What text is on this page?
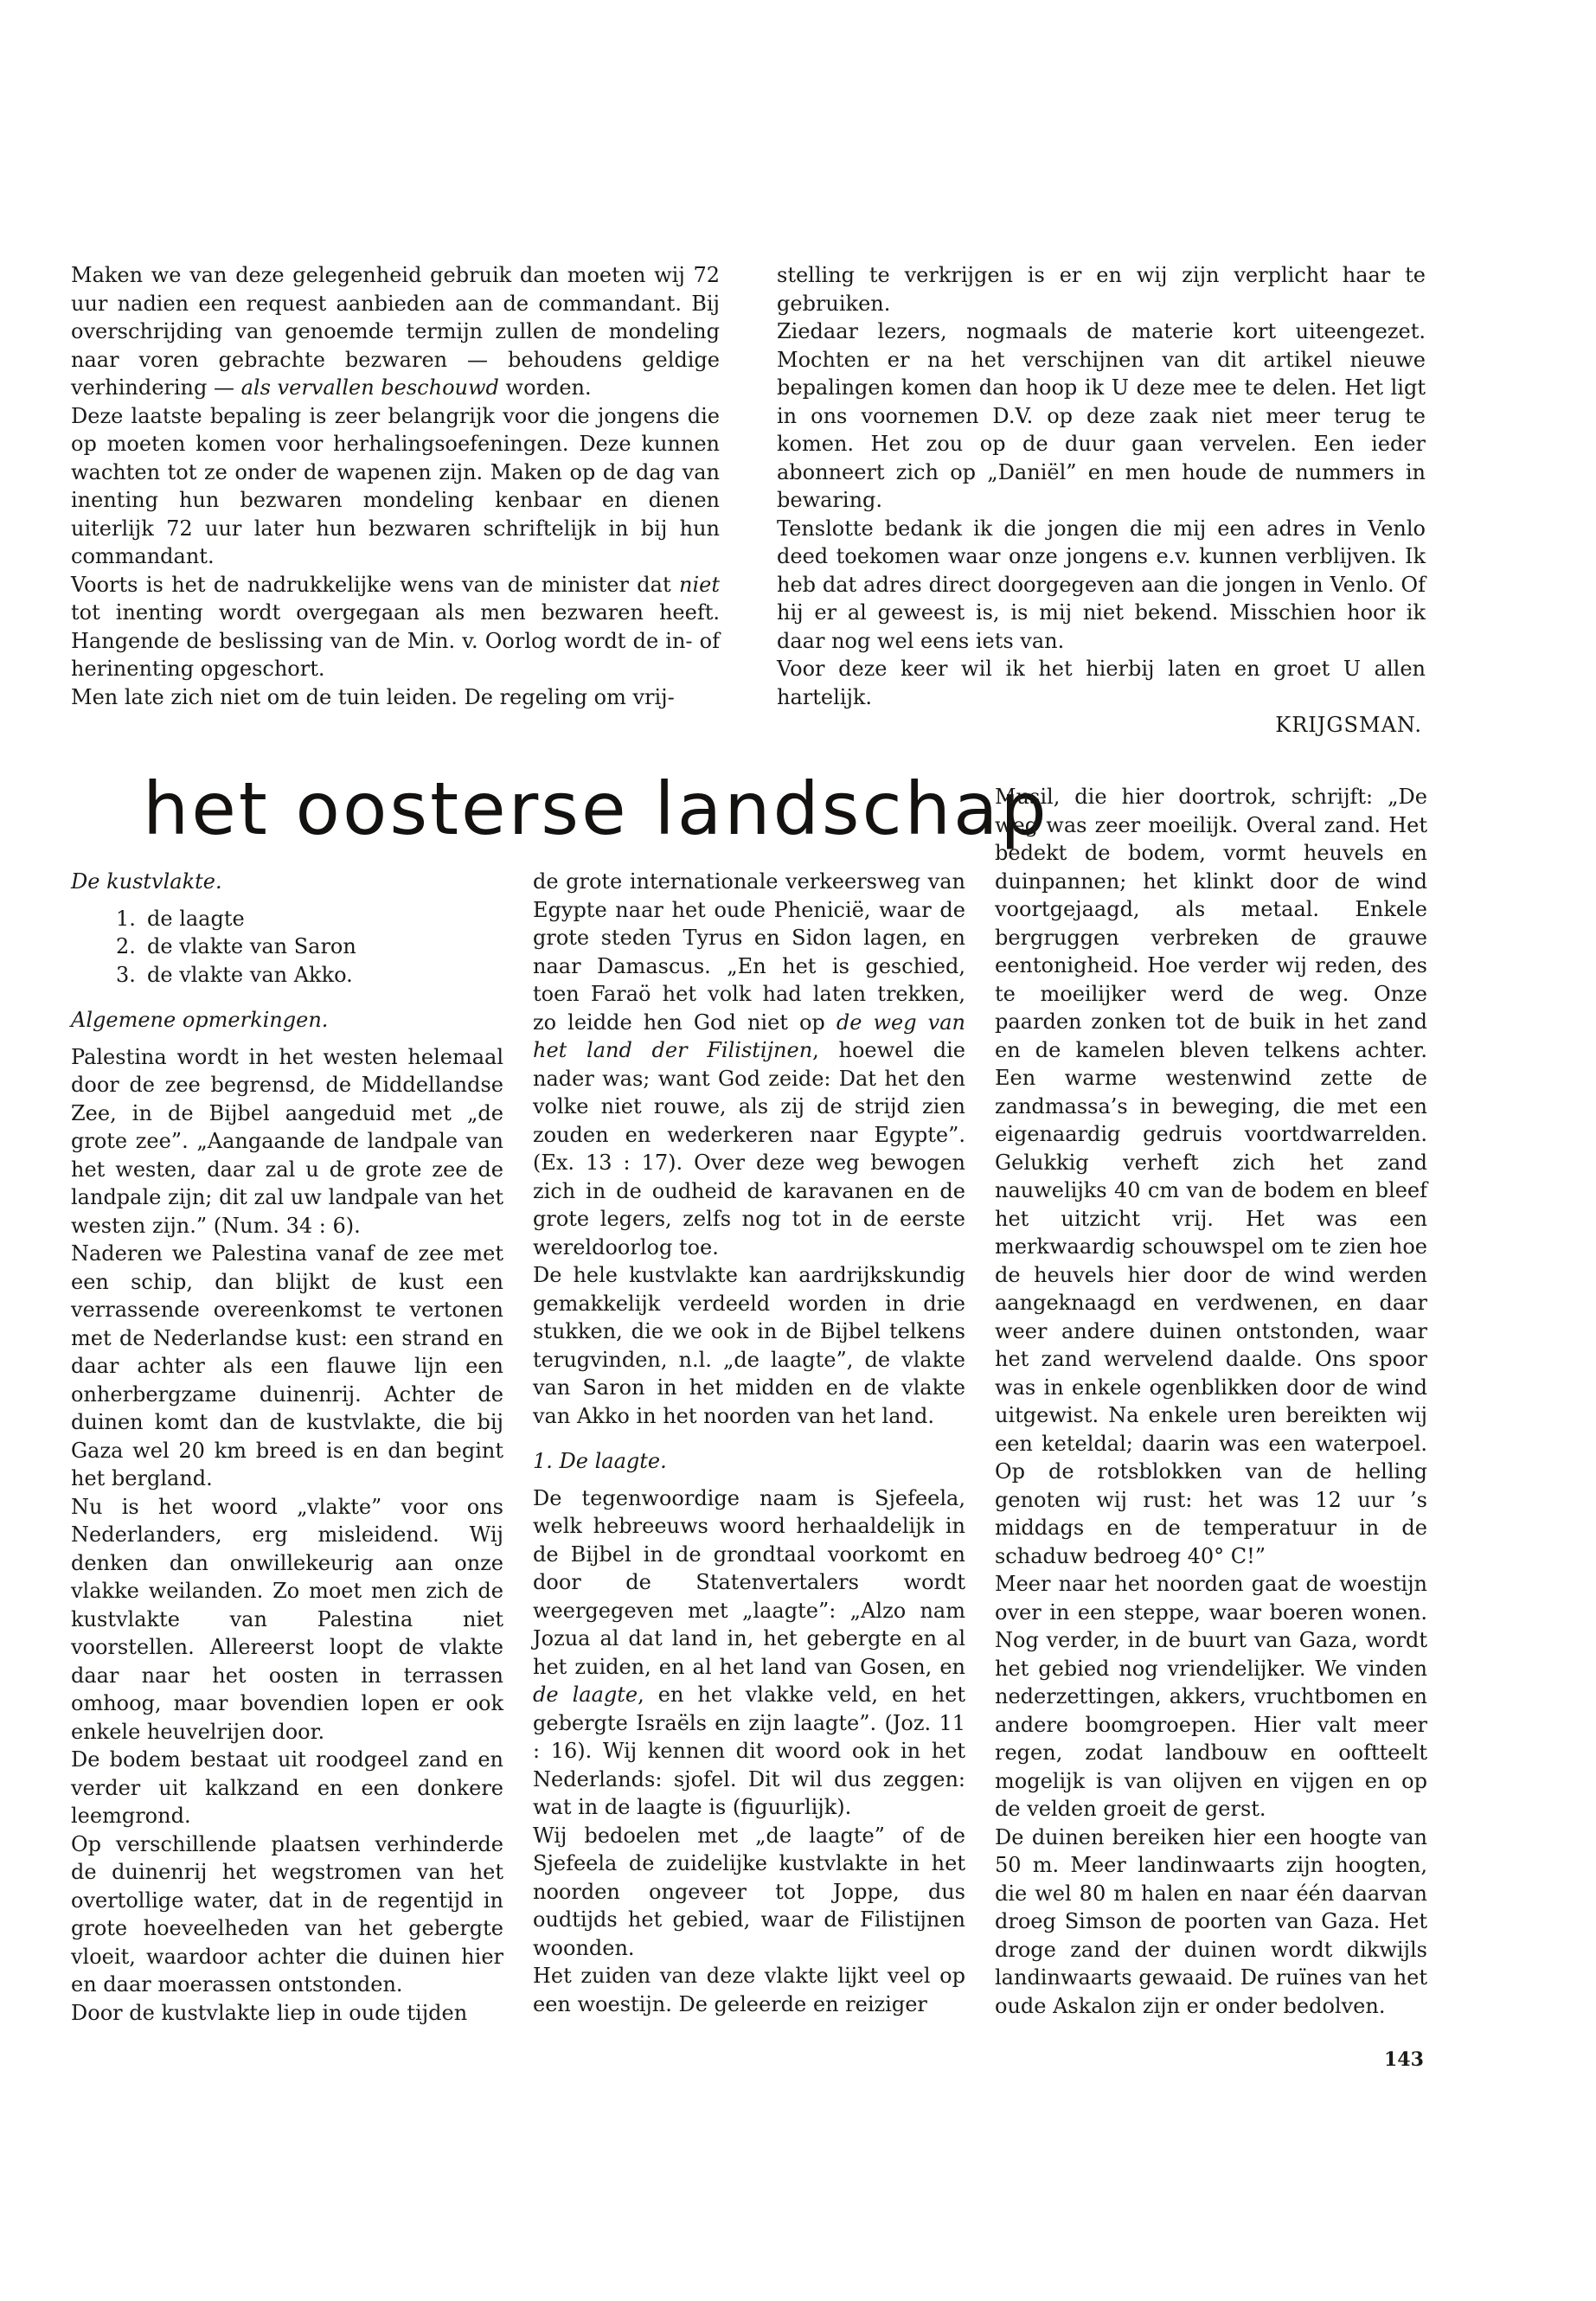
Maken we van deze gelegenheid gebruik dan moeten wij 72 uur nadien een request aanbieden aan de commandant. Bij overschrijding van genoemde termijn zullen de mondeling naar voren gebrachte bezwaren — behoudens geldige verhindering — als vervallen beschouwd worden.

Deze laatste bepaling is zeer belangrijk voor die jongens die op moeten komen voor herhalingsoefeningen. Deze kunnen wachten tot ze onder de wapenen zijn. Maken op de dag van inenting hun bezwaren mondeling kenbaar en dienen uiterlijk 72 uur later hun bezwaren schriftelijk in bij hun commandant.

Voorts is het de nadrukkelijke wens van de minister dat niet tot inenting wordt overgegaan als men bezwaren heeft. Hangende de beslissing van de Min. v. Oorlog wordt de in- of herinenting opgeschort.

Men late zich niet om de tuin leiden. De regeling om vrij-

stelling te verkrijgen is er en wij zijn verplicht haar te gebruiken.

Ziedaar lezers, nogmaals de materie kort uiteengezet. Mochten er na het verschijnen van dit artikel nieuwe bepalingen komen dan hoop ik U deze mee te delen. Het ligt in ons voornemen D.V. op deze zaak niet meer terug te komen. Het zou op de duur gaan vervelen. Een ieder abonneert zich op „Daniël” en men houde de nummers in bewaring.

Tenslotte bedank ik die jongen die mij een adres in Venlo deed toekomen waar onze jongens e.v. kunnen verblijven. Ik heb dat adres direct doorgegeven aan die jongen in Venlo. Of hij er al geweest is, is mij niet bekend. Misschien hoor ik daar nog wel eens iets van.

Voor deze keer wil ik het hierbij laten en groet U allen hartelijk.

KRIJGSMAN.

het oosterse landschap

De kustvlakte.

1. de laagte
2. de vlakte van Saron
3. de vlakte van Akko.

Algemene opmerkingen.

Palestina wordt in het westen helemaal door de zee begrensd, de Middellandse Zee, in de Bijbel aangeduid met „de grote zee”. „Aangaande de landpale van het westen, daar zal u de grote zee de landpale zijn; dit zal uw landpale van het westen zijn.” (Num. 34 : 6).

Naderen we Palestina vanaf de zee met een schip, dan blijkt de kust een verrassende overeenkomst te vertonen met de Nederlandse kust: een strand en daar achter als een flauwe lijn een onherbergzame duinenrij. Achter de duinen komt dan de kustvlakte, die bij Gaza wel 20 km breed is en dan begint het bergland.

Nu is het woord „vlakte” voor ons Nederlanders, erg misleidend. Wij denken dan onwillekeurig aan onze vlakke weilanden. Zo moet men zich de kustvlakte van Palestina niet voorstellen. Allereerst loopt de vlakte daar naar het oosten in terrassen omhoog, maar bovendien lopen er ook enkele heuvelrijen door.

De bodem bestaat uit roodgeel zand en verder uit kalkzand en een donkere leemgrond.

Op verschillende plaatsen verhinderde de duinenrij het wegstromen van het overtollige water, dat in de regentijd in grote hoeveelheden van het gebergte vloeit, waardoor achter die duinen hier en daar moerassen ontstonden.

Door de kustvlakte liep in oude tijden

de grote internationale verkeersweg van Egypte naar het oude Phenicië, waar de grote steden Tyrus en Sidon lagen, en naar Damascus. „En het is geschied, toen Faraö het volk had laten trekken, zo leidde hen God niet op de weg van het land der Filistijnen, hoewel die nader was; want God zeide: Dat het den volke niet rouwe, als zij de strijd zien zouden en wederkeren naar Egypte”. (Ex. 13 : 17). Over deze weg bewogen zich in de oudheid de karavanen en de grote legers, zelfs nog tot in de eerste wereldoorlog toe.

De hele kustvlakte kan aardrijkskundig gemakkelijk verdeeld worden in drie stukken, die we ook in de Bijbel telkens terugvinden, n.l. „de laagte”, de vlakte van Saron in het midden en de vlakte van Akko in het noorden van het land.

1. De laagte.

De tegenwoordige naam is Sjefeela, welk hebreeuws woord herhaaldelijk in de Bijbel in de grondtaal voorkomt en door de Statenvertalers wordt weergegeven met „laagte”: „Alzo nam Jozua al dat land in, het gebergte en al het zuiden, en al het land van Gosen, en de laagte, en het vlakke veld, en het gebergte Israëls en zijn laagte”. (Joz. 11 : 16). Wij kennen dit woord ook in het Nederlands: sjofel. Dit wil dus zeggen: wat in de laagte is (figuurlijk).

Wij bedoelen met „de laagte” of de Sjefeela de zuidelijke kustvlakte in het noorden ongeveer tot Joppe, dus oudtijds het gebied, waar de Filistijnen woonden.

Het zuiden van deze vlakte lijkt veel op een woestijn. De geleerde en reiziger

Musil, die hier doortrok, schrijft: „De weg was zeer moeilijk. Overal zand. Het bedekt de bodem, vormt heuvels en duinpannen; het klinkt door de wind voortgejaagd, als metaal. Enkele bergruggen verbreken de grauwe eentonigheid. Hoe verder wij reden, des te moeilijker werd de weg. Onze paarden zonken tot de buik in het zand en de kamelen bleven telkens achter. Een warme westenwind zette de zandmassa’s in beweging, die met een eigenaardig gedruis voortdwarrelden. Gelukkig verheft zich het zand nauwelijks 40 cm van de bodem en bleef het uitzicht vrij. Het was een merkwaardig schouwspel om te zien hoe de heuvels hier door de wind werden aangeknaagd en verdwenen, en daar weer andere duinen ontstonden, waar het zand wervelend daalde. Ons spoor was in enkele ogenblikken door de wind uitgewist. Na enkele uren bereikten wij een keteldal; daarin was een waterpoel. Op de rotsblokken van de helling genoten wij rust: het was 12 uur ’s middags en de temperatuur in de schaduw bedroeg 40° C!”

Meer naar het noorden gaat de woestijn over in een steppe, waar boeren wonen. Nog verder, in de buurt van Gaza, wordt het gebied nog vriendelijker. We vinden nederzettingen, akkers, vruchtbomen en andere boomgroepen. Hier valt meer regen, zodat landbouw en ooftteelt mogelijk is van olijven en vijgen en op de velden groeit de gerst.

De duinen bereiken hier een hoogte van 50 m. Meer landinwaarts zijn hoogten, die wel 80 m halen en naar één daarvan droeg Simson de poorten van Gaza. Het droge zand der duinen wordt dikwijls landinwaarts gewaaid. De ruïnes van het oude Askalon zijn er onder bedolven.

143
